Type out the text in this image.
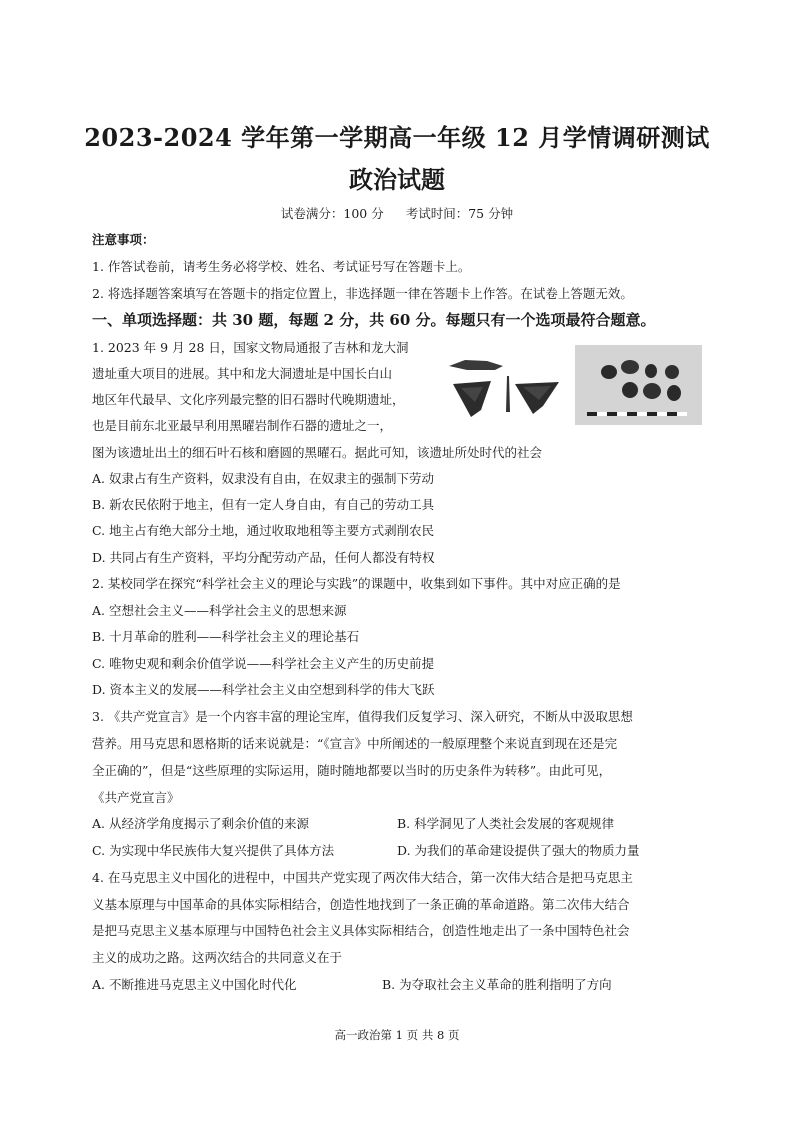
2023-2024 学年第一学期高一年级 12 月学情调研测试
政治试题
试卷满分：100 分 考试时间：75 分钟
注意事项：
1. 作答试卷前，请考生务必将学校、姓名、考试证号写在答题卡上。
2. 将选择题答案填写在答题卡的指定位置上，非选择题一律在答题卡上作答。在试卷上答题无效。
一、单项选择题：共 30 题，每题 2 分，共 60 分。每题只有一个选项最符合题意。
1. 2023 年 9 月 28 日，国家文物局通报了吉林和龙大洞
遗址重大项目的进展。其中和龙大洞遗址是中国长白山
地区年代最早、文化序列最完整的旧石器时代晚期遗址，
也是目前东北亚最早利用黑曜岩制作石器的遗址之一，
图为该遗址出土的细石叶石核和磨圆的黑曜石。据此可知，该遗址所处时代的社会
A. 奴隶占有生产资料，奴隶没有自由，在奴隶主的强制下劳动
B. 新农民依附于地主，但有一定人身自由，有自己的劳动工具
C. 地主占有绝大部分土地，通过收取地租等主要方式剥削农民
D. 共同占有生产资料，平均分配劳动产品，任何人都没有特权
2. 某校同学在探究“科学社会主义的理论与实践”的课题中，收集到如下事件。其中对应正确的是
A. 空想社会主义——科学社会主义的思想来源
B. 十月革命的胜利——科学社会主义的理论基石
C. 唯物史观和剩余价值学说——科学社会主义产生的历史前提
D. 资本主义的发展——科学社会主义由空想到科学的伟大飞跃
3. 《共产党宣言》是一个内容丰富的理论宝库，值得我们反复学习、深入研究，不断从中汲取思想
营养。用马克思和恩格斯的话来说就是：“《宣言》中所阐述的一般原理整个来说直到现在还是完
全正确的”，但是“这些原理的实际运用，随时随地都要以当时的历史条件为转移”。由此可见，
《共产党宣言》
A. 从经济学角度揭示了剩余价值的来源	B. 科学洞见了人类社会发展的客观规律
C. 为实现中华民族伟大复兴提供了具体方法	D. 为我们的革命建设提供了强大的物质力量
4. 在马克思主义中国化的进程中，中国共产党实现了两次伟大结合，第一次伟大结合是把马克思主
义基本原理与中国革命的具体实际相结合，创造性地找到了一条正确的革命道路。第二次伟大结合
是把马克思主义基本原理与中国特色社会主义具体实际相结合，创造性地走出了一条中国特色社会
主义的成功之路。这两次结合的共同意义在于
A. 不断推进马克思主义中国化时代化	B. 为夺取社会主义革命的胜利指明了方向
高一政治第 1 页 共 8 页
